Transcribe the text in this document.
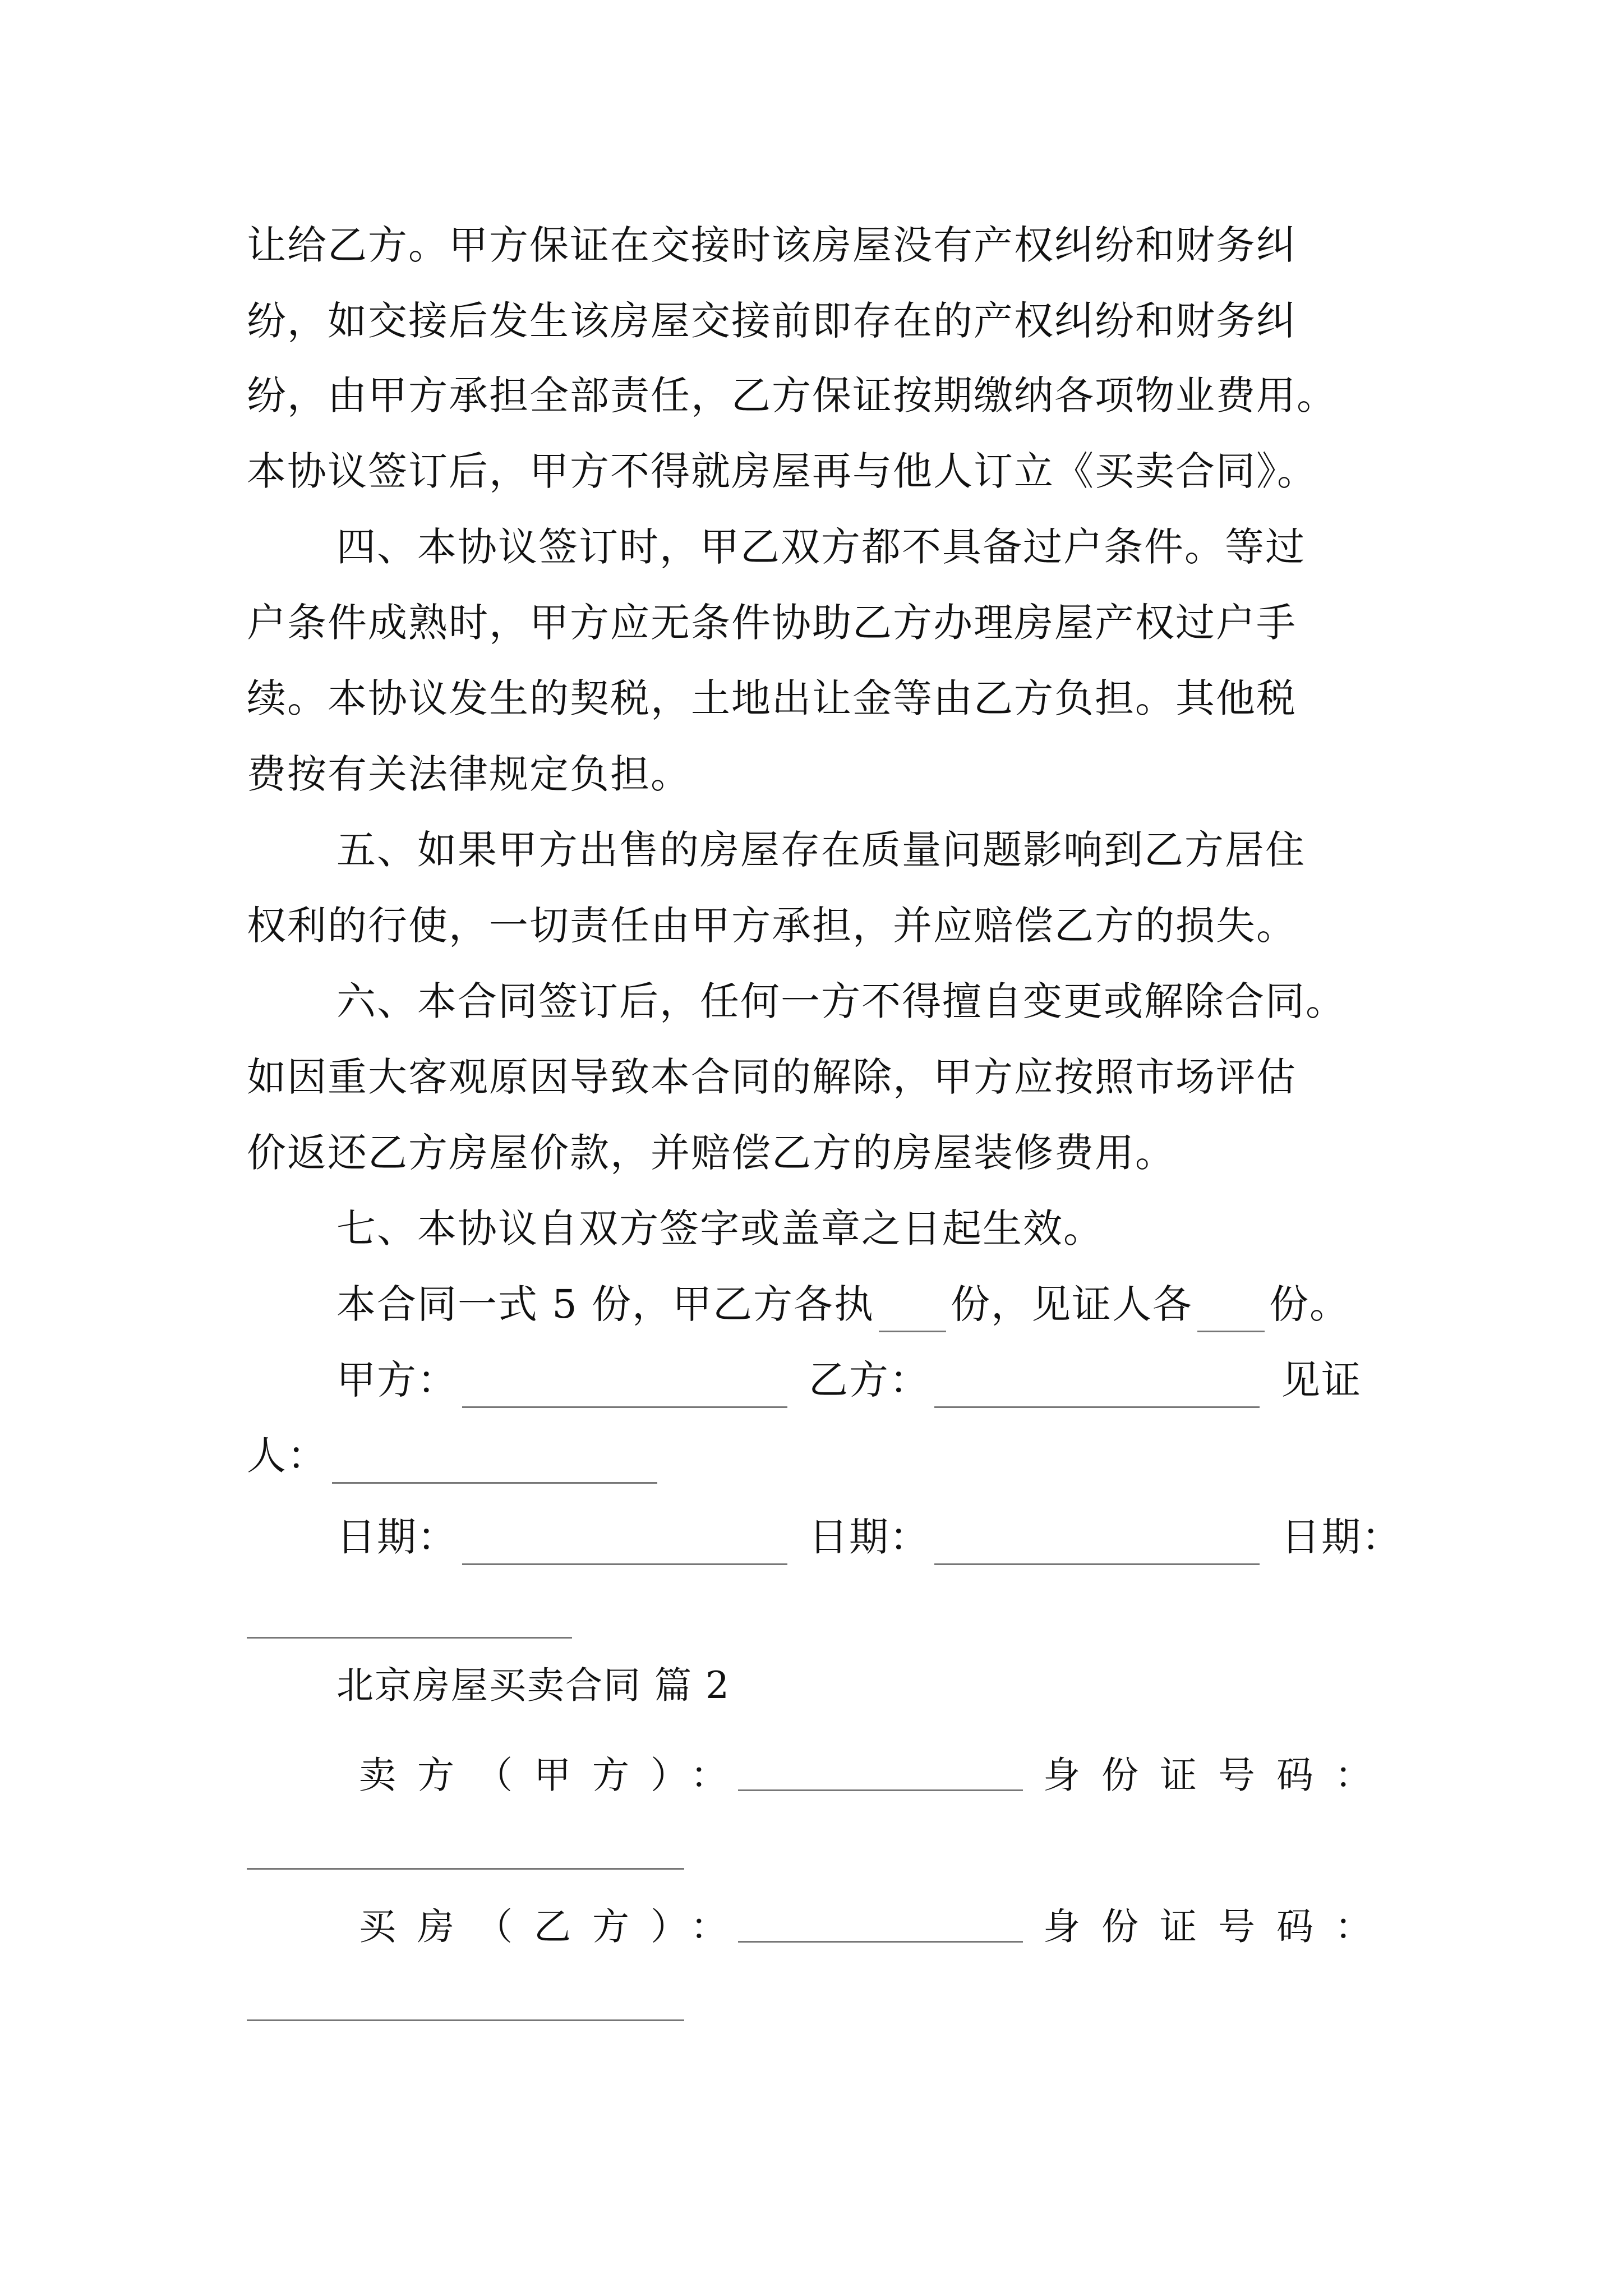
让给乙方。甲方保证在交接时该房屋没有产权纠纷和财务纠
纷，如交接后发生该房屋交接前即存在的产权纠纷和财务纠
纷，由甲方承担全部责任，乙方保证按期缴纳各项物业费用。
本协议签订后，甲方不得就房屋再与他人订立《买卖合同》。
四、本协议签订时，甲乙双方都不具备过户条件。等过
户条件成熟时，甲方应无条件协助乙方办理房屋产权过户手
续。本协议发生的契税，土地出让金等由乙方负担。其他税
费按有关法律规定负担。
五、如果甲方出售的房屋存在质量问题影响到乙方居住
权利的行使，一切责任由甲方承担，并应赔偿乙方的损失。
六、本合同签订后，任何一方不得擅自变更或解除合同。
如因重大客观原因导致本合同的解除，甲方应按照市场评估
价返还乙方房屋价款，并赔偿乙方的房屋装修费用。
七、本协议自双方签字或盖章之日起生效。
本合同一式 5 份，甲乙方各执 份，见证人各 份。
甲方：	乙方：	见证
人：
日期：	日期：	日期：
北京房屋买卖合同 篇 2
卖方（甲方）：	身份证号码：
买房（乙方）：	身份证号码：
